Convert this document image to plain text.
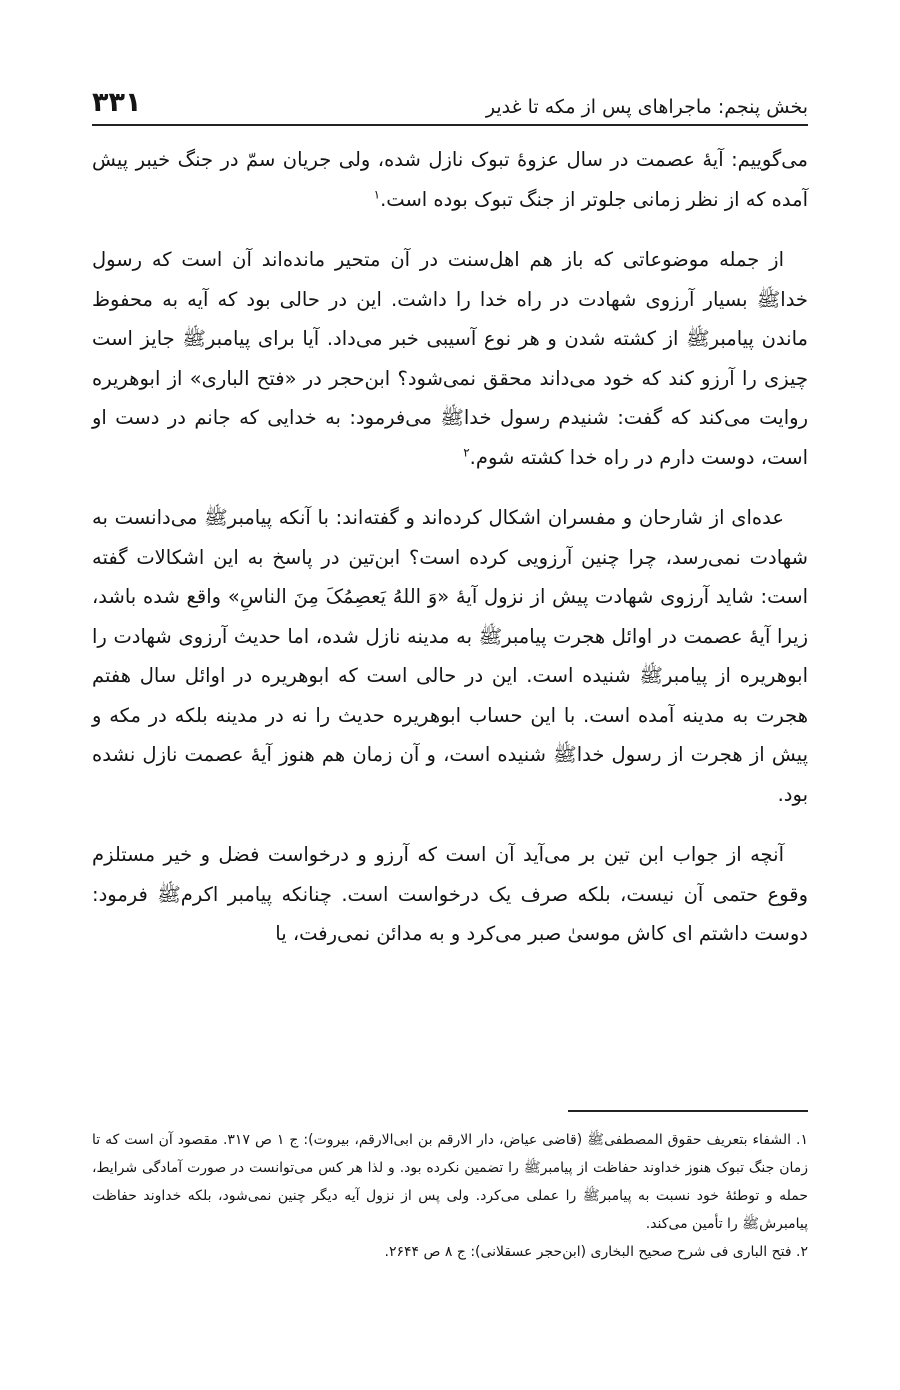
۳۳۱	بخش پنجم: ماجراهای پس از مکه تا غدیر

می‌گوییم: آیهٔ عصمت در سال عزوهٔ تبوک نازل شده، ولی جریان سمّ در جنگ خیبر پیش آمده که از نظر زمانی جلوتر از جنگ تبوک بوده است.$^۱$

از جمله موضوعاتی که باز هم اهل‌سنت در آن متحیر مانده‌اند آن است که رسول خداﷺ بسیار آرزوی شهادت در راه خدا را داشت. این در حالی بود که آیه به محفوظ ماندن پیامبرﷺ از کشته شدن و هر نوع آسیبی خبر می‌داد. آیا برای پیامبرﷺ جایز است چیزی را آرزو کند که خود می‌داند محقق نمی‌شود؟ ابن‌حجر در «فتح الباری» از ابوهریره روایت می‌کند که گفت: شنیدم رسول خداﷺ می‌فرمود: به خدایی که جانم در دست او است، دوست دارم در راه خدا کشته شوم.$^۲$

عده‌ای از شارحان و مفسران اشکال کرده‌اند و گفته‌اند: با آنکه پیامبرﷺ می‌دانست به شهادت نمی‌رسد، چرا چنین آرزویی کرده است؟ ابن‌تین در پاسخ به این اشکالات گفته است: شاید آرزوی شهادت پیش از نزول آیهٔ «وَ اللهُ یَعصِمُکَ مِنَ الناسِ» واقع شده باشد، زیرا آیهٔ عصمت در اوائل هجرت پیامبرﷺ به مدینه نازل شده، اما حدیث آرزوی شهادت را ابوهریره از پیامبرﷺ شنیده است. این در حالی است که ابوهریره در اوائل سال هفتم هجرت به مدینه آمده است. با این حساب ابوهریره حدیث را نه در مدینه بلکه در مکه و پیش از هجرت از رسول خداﷺ شنیده است، و آن زمان هم هنوز آیهٔ عصمت نازل نشده بود.

آنچه از جواب ابن تین بر می‌آید آن است که آرزو و درخواست فضل و خیر مستلزم وقوع حتمی آن نیست، بلکه صرف یک درخواست است. چنانکه پیامبر اکرمﷺ فرمود: دوست داشتم ای کاش موسیٰ صبر می‌کرد و به مدائن نمی‌رفت، یا

۱. الشفاء بتعریف حقوق المصطفیﷺ (قاضی عیاض، دار الارقم بن ابی‌الارقم، بیروت): ج ۱ ص ۳۱۷. مقصود آن است که تا زمان جنگ تبوک هنوز خداوند حفاظت از پیامبرﷺ را تضمین نکرده بود. و لذا هر کس می‌توانست در صورت آمادگی شرایط، حمله و توطئهٔ خود نسبت به پیامبرﷺ را عملی می‌کرد. ولی پس از نزول آیه دیگر چنین نمی‌شود، بلکه خداوند حفاظت پیامبرشﷺ را تأمین می‌کند.

۲. فتح الباری فی شرح صحیح البخاری (ابن‌حجر عسقلانی): ج ۸ ص ۲۶۴۴.
